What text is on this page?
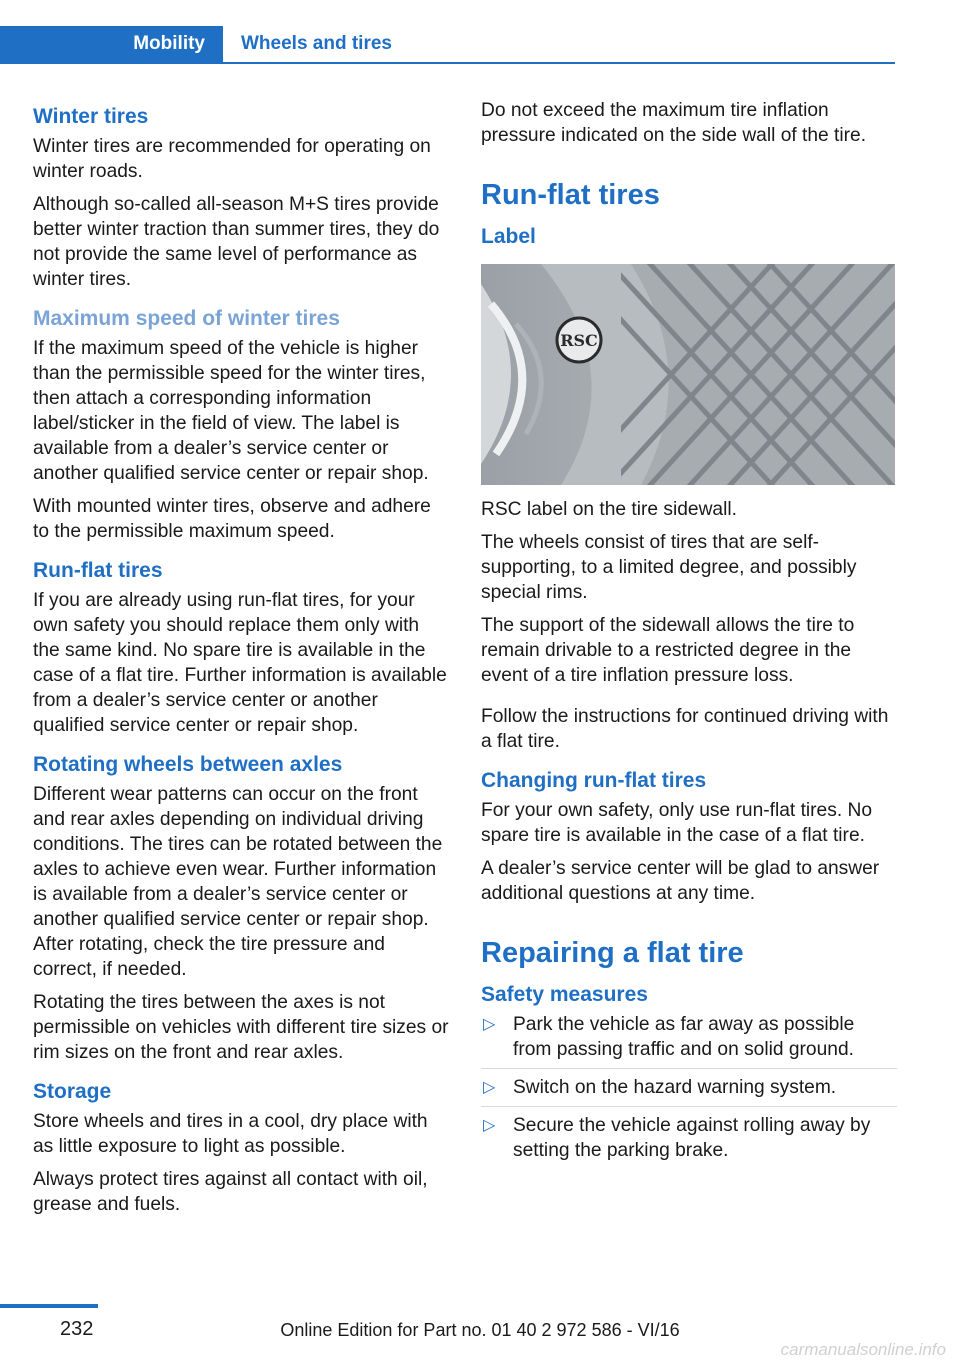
Mobility	Wheels and tires
Winter tires

Winter tires are recommended for operating on winter roads.

Although so-called all-season M+S tires provide better winter traction than summer tires, they do not provide the same level of performance as winter tires.

Maximum speed of winter tires

If the maximum speed of the vehicle is higher than the permissible speed for the winter tires, then attach a corresponding information label/sticker in the field of view. The label is available from a dealer’s service center or another qualified service center or repair shop.

With mounted winter tires, observe and adhere to the permissible maximum speed.

Run-flat tires

If you are already using run-flat tires, for your own safety you should replace them only with the same kind. No spare tire is available in the case of a flat tire. Further information is available from a dealer’s service center or another qualified service center or repair shop.

Rotating wheels between axles

Different wear patterns can occur on the front and rear axles depending on individual driving conditions. The tires can be rotated between the axles to achieve even wear. Further information is available from a dealer’s service center or another qualified service center or repair shop. After rotating, check the tire pressure and correct, if needed.

Rotating the tires between the axes is not permissible on vehicles with different tire sizes or rim sizes on the front and rear axles.

Storage

Store wheels and tires in a cool, dry place with as little exposure to light as possible.

Always protect tires against all contact with oil, grease and fuels.

Do not exceed the maximum tire inflation pressure indicated on the side wall of the tire.

Run-flat tires
Label
RSC

RSC label on the tire sidewall.

The wheels consist of tires that are self-supporting, to a limited degree, and possibly special rims.

The support of the sidewall allows the tire to remain drivable to a restricted degree in the event of a tire inflation pressure loss.

Follow the instructions for continued driving with a flat tire.

Changing run-flat tires

For your own safety, only use run-flat tires. No spare tire is available in the case of a flat tire.

A dealer’s service center will be glad to answer additional questions at any time.

Repairing a flat tire
Safety measures
▷ Park the vehicle as far away as possible from passing traffic and on solid ground.
▷ Switch on the hazard warning system.
▷ Secure the vehicle against rolling away by setting the parking brake.
232	Online Edition for Part no. 01 40 2 972 586 - VI/16
carmanualsonline.info
